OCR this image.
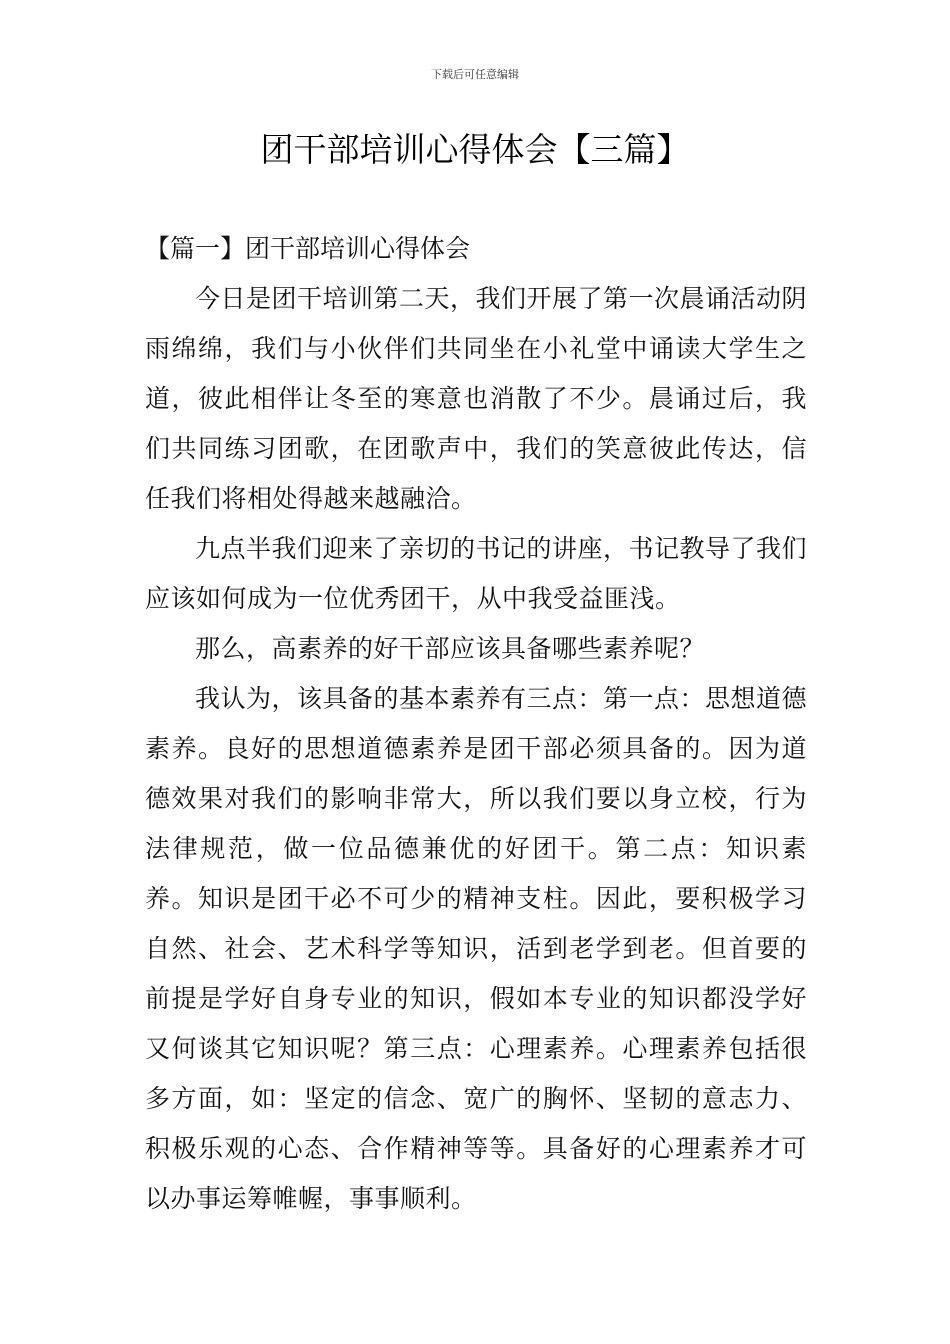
下载后可任意编辑
团干部培训心得体会【三篇】
【篇一】团干部培训心得体会

今日是团干培训第二天，我们开展了第一次晨诵活动阴雨绵绵，我们与小伙伴们共同坐在小礼堂中诵读大学生之道，彼此相伴让冬至的寒意也消散了不少。晨诵过后，我们共同练习团歌，在团歌声中，我们的笑意彼此传达，信任我们将相处得越来越融洽。

九点半我们迎来了亲切的书记的讲座，书记教导了我们应该如何成为一位优秀团干，从中我受益匪浅。

那么，高素养的好干部应该具备哪些素养呢？

我认为，该具备的基本素养有三点：第一点：思想道德素养。良好的思想道德素养是团干部必须具备的。因为道德效果对我们的影响非常大，所以我们要以身立校，行为法律规范，做一位品德兼优的好团干。第二点：知识素养。知识是团干必不可少的精神支柱。因此，要积极学习自然、社会、艺术科学等知识，活到老学到老。但首要的前提是学好自身专业的知识，假如本专业的知识都没学好又何谈其它知识呢？第三点：心理素养。心理素养包括很多方面，如：坚定的信念、宽广的胸怀、坚韧的意志力、积极乐观的心态、合作精神等等。具备好的心理素养才可以办事运筹帷幄，事事顺利。
